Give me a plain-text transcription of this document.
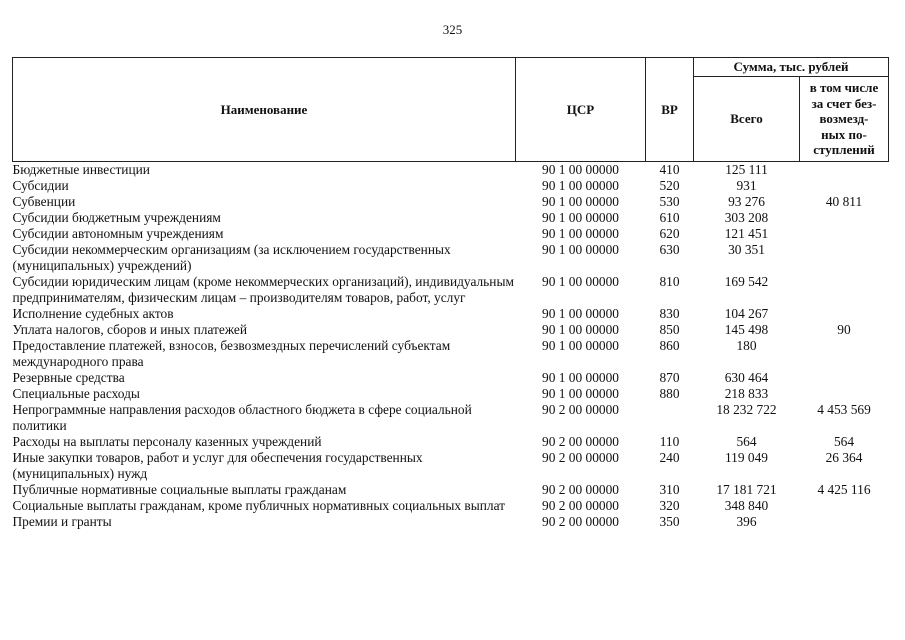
325
Наименование	ЦСР	ВР	Сумма, тыс. рублей	
			Всего	в том числе
за счет без-
возмезд-
ных по-
ступлений
Бюджетные инвестиции	90 1 00 00000	410	125 111	
Субсидии	90 1 00 00000	520	931	
Субвенции	90 1 00 00000	530	93 276	40 811
Субсидии бюджетным учреждениям	90 1 00 00000	610	303 208	
Субсидии автономным учреждениям	90 1 00 00000	620	121 451	
Субсидии некоммерческим организациям (за исключением государственных (муниципальных) учреждений)	90 1 00 00000	630	30 351	
Субсидии юридическим лицам (кроме некоммерческих организаций), индивидуальным предпринимателям, физическим лицам – производителям товаров, работ, услуг	90 1 00 00000	810	169 542	
Исполнение судебных актов	90 1 00 00000	830	104 267	
Уплата налогов, сборов и иных платежей	90 1 00 00000	850	145 498	90
Предоставление платежей, взносов, безвозмездных перечислений субъектам международного права	90 1 00 00000	860	180	
Резервные средства	90 1 00 00000	870	630 464	
Специальные расходы	90 1 00 00000	880	218 833	
Непрограммные направления расходов областного бюджета в сфере социальной политики	90 2 00 00000		18 232 722	4 453 569
Расходы на выплаты персоналу казенных учреждений	90 2 00 00000	110	564	564
Иные закупки товаров, работ и услуг для обеспечения государственных (муниципальных) нужд	90 2 00 00000	240	119 049	26 364
Публичные нормативные социальные выплаты гражданам	90 2 00 00000	310	17 181 721	4 425 116
Социальные выплаты гражданам, кроме публичных нормативных социальных выплат	90 2 00 00000	320	348 840	
Премии и гранты	90 2 00 00000	350	396	
